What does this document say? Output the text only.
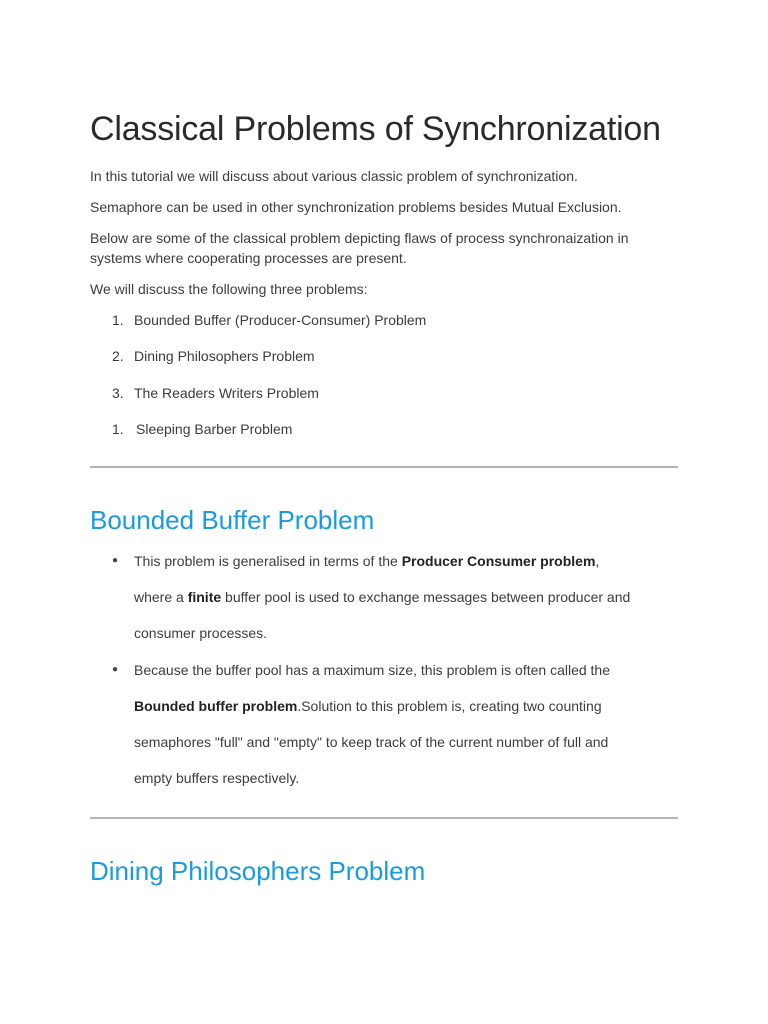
Classical Problems of Synchronization

In this tutorial we will discuss about various classic problem of synchronization.

Semaphore can be used in other synchronization problems besides Mutual Exclusion.

Below are some of the classical problem depicting flaws of process synchronaization in systems where cooperating processes are present.

We will discuss the following three problems:

1. Bounded Buffer (Producer-Consumer) Problem
2. Dining Philosophers Problem
3. The Readers Writers Problem
1. Sleeping Barber Problem
Bounded Buffer Problem
● This problem is generalised in terms of the Producer Consumer problem,
where a finite buffer pool is used to exchange messages between producer and
consumer processes.
● Because the buffer pool has a maximum size, this problem is often called the
Bounded buffer problem.Solution to this problem is, creating two counting
semaphores "full" and "empty" to keep track of the current number of full and
empty buffers respectively.
Dining Philosophers Problem
